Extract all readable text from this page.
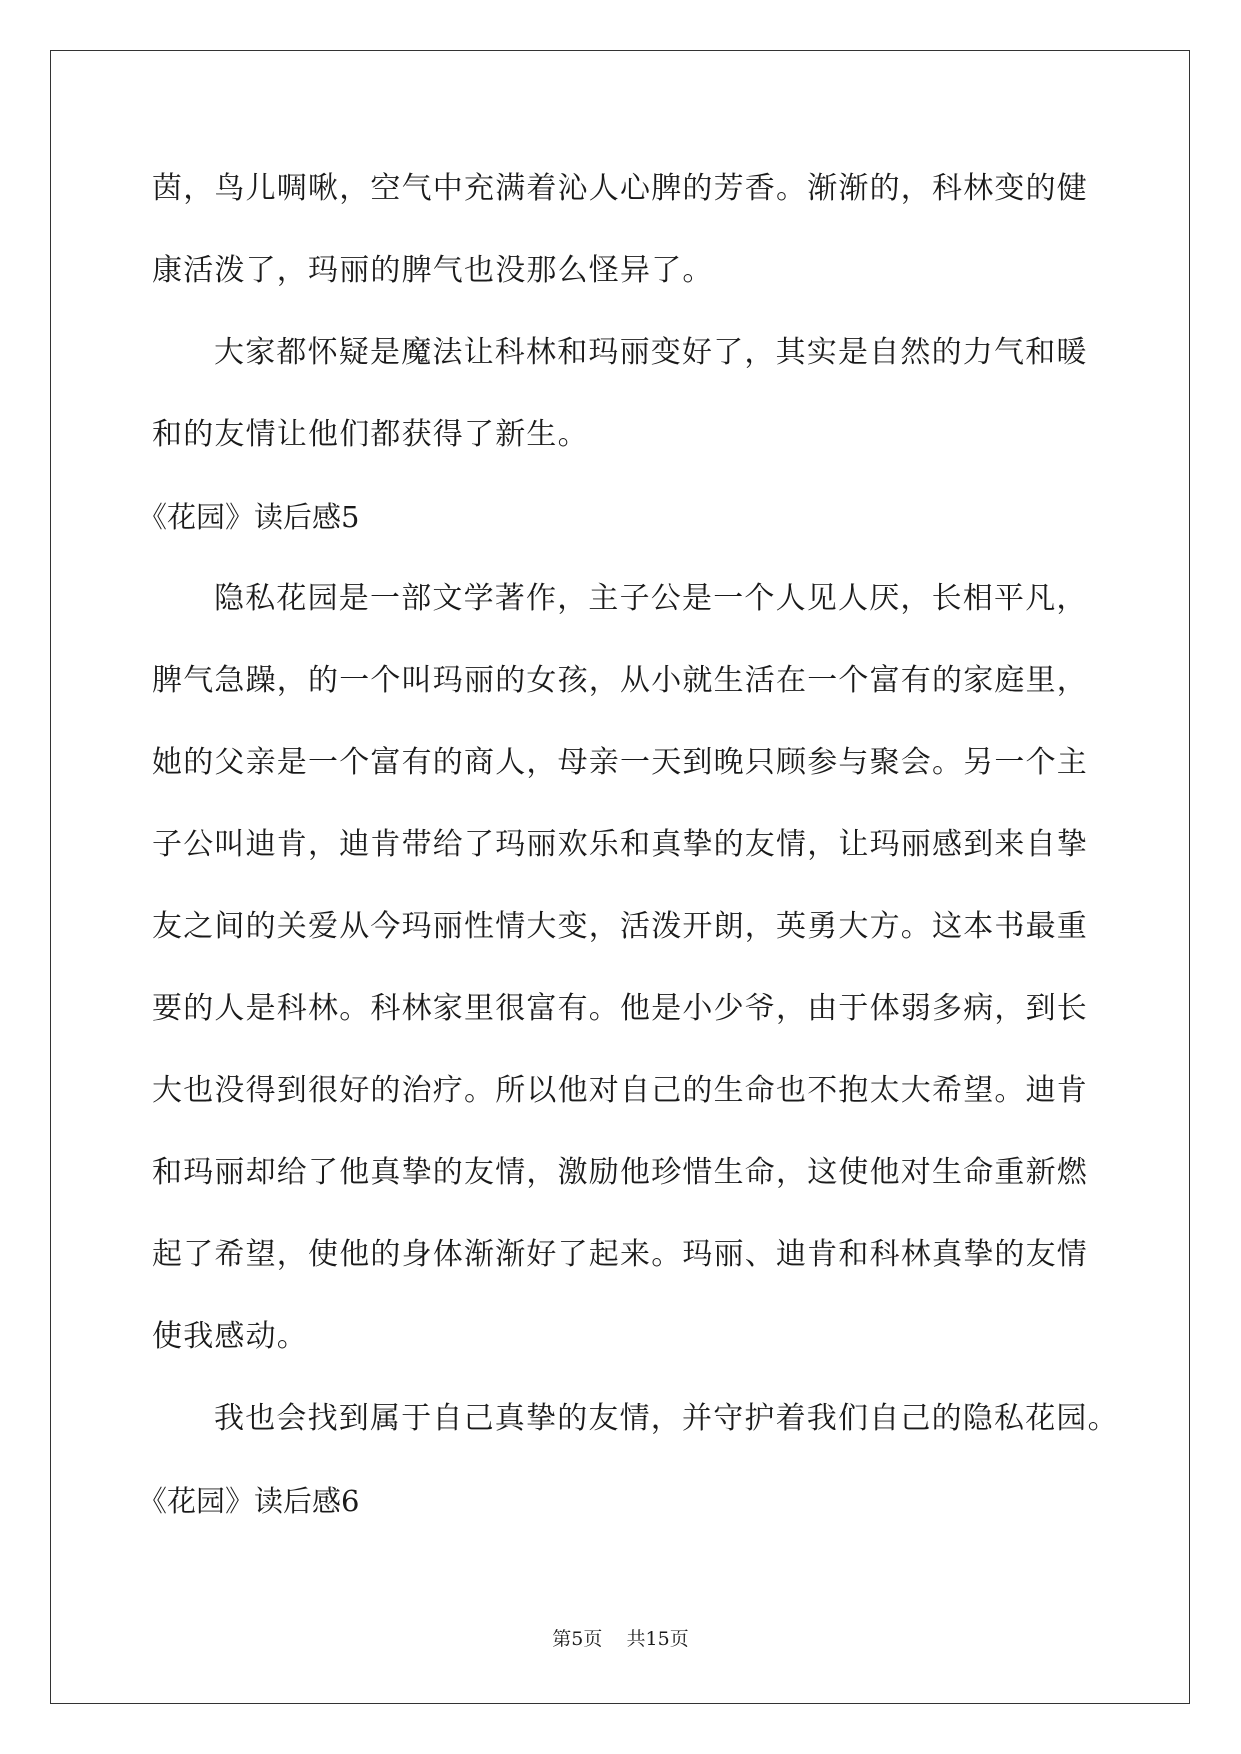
茵，鸟儿啁啾，空气中充满着沁人心脾的芳香。渐渐的，科林变的健
康活泼了，玛丽的脾气也没那么怪异了。
大家都怀疑是魔法让科林和玛丽变好了，其实是自然的力气和暖
和的友情让他们都获得了新生。
《花园》读后感5
隐私花园是一部文学著作，主子公是一个人见人厌，长相平凡，
脾气急躁，的一个叫玛丽的女孩，从小就生活在一个富有的家庭里，
她的父亲是一个富有的商人，母亲一天到晚只顾参与聚会。另一个主
子公叫迪肯，迪肯带给了玛丽欢乐和真挚的友情，让玛丽感到来自挚
友之间的关爱从今玛丽性情大变，活泼开朗，英勇大方。这本书最重
要的人是科林。科林家里很富有。他是小少爷，由于体弱多病，到长
大也没得到很好的治疗。所以他对自己的生命也不抱太大希望。迪肯
和玛丽却给了他真挚的友情，激励他珍惜生命，这使他对生命重新燃
起了希望，使他的身体渐渐好了起来。玛丽、迪肯和科林真挚的友情
使我感动。
我也会找到属于自己真挚的友情，并守护着我们自己的隐私花园。
《花园》读后感6
第5页    共15页
